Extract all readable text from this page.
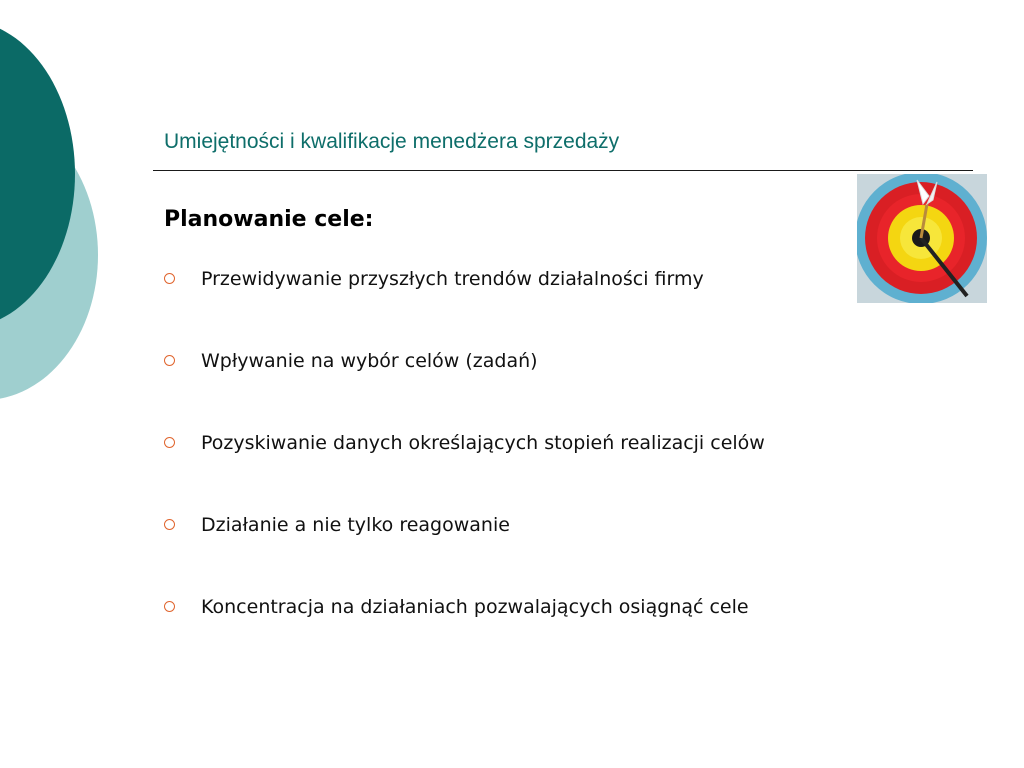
Umiejętności i kwalifikacje menedżera sprzedaży
Planowanie cele:
Przewidywanie przyszłych trendów działalności firmy
Wpływanie na wybór celów (zadań)
Pozyskiwanie danych określających stopień realizacji celów
Działanie a nie tylko reagowanie
Koncentracja na działaniach pozwalających osiągnąć cele
